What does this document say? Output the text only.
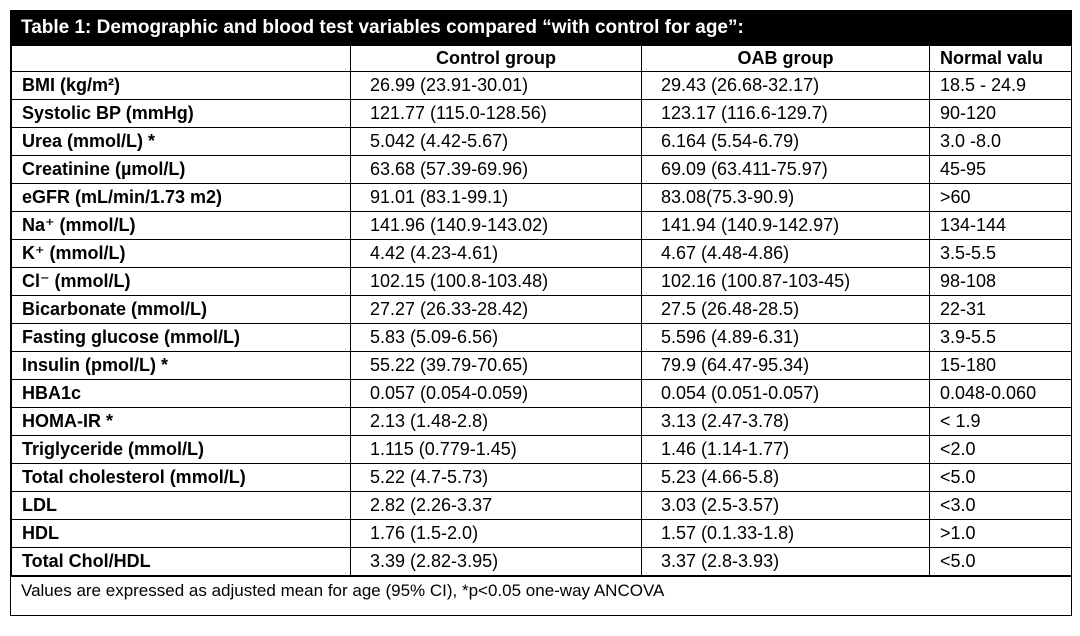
Table 1: Demographic and blood test variables compared “with control for age”:
	Control group	OAB group	Normal valu
BMI (kg/m²)	26.99 (23.91-30.01)	29.43 (26.68-32.17)	18.5 - 24.9
Systolic BP (mmHg)	121.77 (115.0-128.56)	123.17 (116.6-129.7)	90-120
Urea (mmol/L) *	5.042 (4.42-5.67)	6.164 (5.54-6.79)	3.0 -8.0
Creatinine (µmol/L)	63.68 (57.39-69.96)	69.09 (63.411-75.97)	45-95
eGFR (mL/min/1.73 m2)	91.01 (83.1-99.1)	83.08(75.3-90.9)	>60
Na⁺ (mmol/L)	141.96 (140.9-143.02)	141.94 (140.9-142.97)	134-144
K⁺ (mmol/L)	4.42 (4.23-4.61)	4.67 (4.48-4.86)	3.5-5.5
Cl⁻ (mmol/L)	102.15 (100.8-103.48)	102.16 (100.87-103-45)	98-108
Bicarbonate (mmol/L)	27.27 (26.33-28.42)	27.5 (26.48-28.5)	22-31
Fasting glucose (mmol/L)	5.83 (5.09-6.56)	5.596 (4.89-6.31)	3.9-5.5
Insulin (pmol/L) *	55.22 (39.79-70.65)	79.9 (64.47-95.34)	15-180
HBA1c	0.057 (0.054-0.059)	0.054 (0.051-0.057)	0.048-0.060
HOMA-IR *	2.13 (1.48-2.8)	3.13 (2.47-3.78)	< 1.9
Triglyceride (mmol/L)	1.115 (0.779-1.45)	1.46 (1.14-1.77)	<2.0
Total cholesterol (mmol/L)	5.22 (4.7-5.73)	5.23 (4.66-5.8)	<5.0
LDL	2.82 (2.26-3.37	3.03 (2.5-3.57)	<3.0
HDL	1.76 (1.5-2.0)	1.57 (0.1.33-1.8)	>1.0
Total Chol/HDL	3.39 (2.82-3.95)	3.37 (2.8-3.93)	<5.0
Values are expressed as adjusted mean for age (95% CI), *p<0.05 one-way ANCOVA
